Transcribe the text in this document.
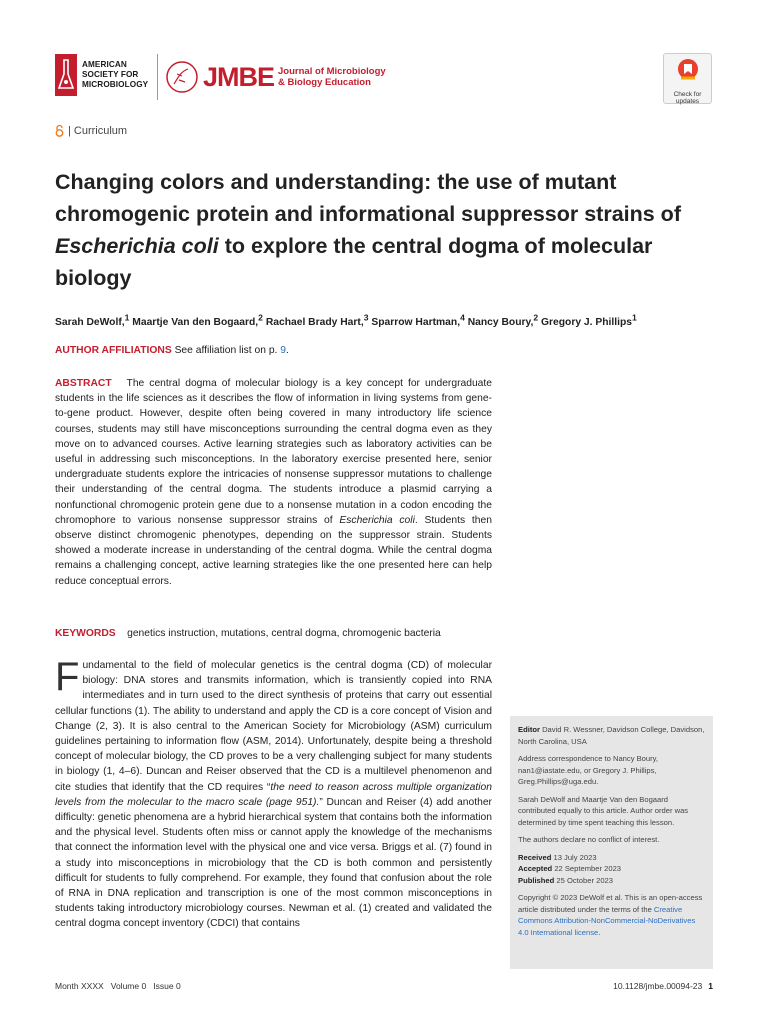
AMERICAN
SOCIETY FOR
MICROBIOLOGY JMBE Journal of Microbiology
& Biology Education
Check for
updates
| Curriculum
Changing colors and understanding: the use of mutant chromogenic protein and informational suppressor strains of Escherichia coli to explore the central dogma of molecular biology
Sarah DeWolf,$^1$ Maartje Van den Bogaard,$^2$ Rachael Brady Hart,$^3$ Sparrow Hartman,$^4$ Nancy Boury,$^2$ Gregory J. Phillips$^1$
AUTHOR AFFILIATIONS See affiliation list on p. 9.
ABSTRACT The central dogma of molecular biology is a key concept for undergraduate students in the life sciences as it describes the flow of information in living systems from gene-to-gene product. However, despite often being covered in many introductory life science courses, students may still have misconceptions surrounding the central dogma even as they move on to advanced courses. Active learning strategies such as laboratory activities can be useful in addressing such misconceptions. In the laboratory exercise presented here, senior undergraduate students explore the intricacies of nonsense suppressor mutations to challenge their understanding of the central dogma. The students introduce a plasmid carrying a nonfunctional chromogenic protein gene due to a nonsense mutation in a codon encoding the chromophore to various nonsense suppressor strains of Escherichia coli. Students then observe distinct chromogenic phenotypes, depending on the suppressor strain. Students showed a moderate increase in understanding of the central dogma. While the central dogma remains a challenging concept, active learning strategies like the one presented here can help reduce conceptual errors.
KEYWORDS genetics instruction, mutations, central dogma, chromogenic bacteria
Fundamental to the field of molecular genetics is the central dogma (CD) of molecular biology: DNA stores and transmits information, which is transiently copied into RNA intermediates and in turn used to the direct synthesis of proteins that carry out essential cellular functions (1). The ability to understand and apply the CD is a core concept of Vision and Change (2, 3). It is also central to the American Society for Microbiology (ASM) curriculum guidelines pertaining to information flow (ASM, 2014). Unfortunately, despite being a threshold concept of molecular biology, the CD proves to be a very challenging subject for many students in biology (1, 4–6). Duncan and Reiser observed that the CD is a multilevel phenomenon and cite studies that identify that the CD requires “the need to reason across multiple organization levels from the molecular to the macro scale (page 951).” Duncan and Reiser (4) add another difficulty: genetic phenomena are a hybrid hierarchical system that contains both the information and the physical level. Students often miss or cannot apply the knowledge of the mechanisms that connect the information level with the physical one and vice versa. Briggs et al. (7) found in a study into misconceptions in microbiology that the CD is both common and persistently difficult for students to fully comprehend. For example, they found that confusion about the role of RNA in DNA replication and transcription is one of the most common misconceptions in students taking introductory microbiology courses. Newman et al. (1) created and validated the central dogma concept inventory (CDCI) that contains

Editor David R. Wessner, Davidson College, Davidson, North Carolina, USA

Address correspondence to Nancy Boury, nan1@iastate.edu, or Gregory J. Phillips, Greg.Phillips@uga.edu.

Sarah DeWolf and Maartje Van den Bogaard contributed equally to this article. Author order was determined by time spent teaching this lesson.

The authors declare no conflict of interest.

Received 13 July 2023
Accepted 22 September 2023
Published 25 October 2023

Copyright © 2023 DeWolf et al. This is an open-access article distributed under the terms of the Creative Commons Attribution-NonCommercial-NoDerivatives 4.0 International license.

Month XXXX   Volume 0   Issue 0	10.1128/jmbe.00094-23 1
